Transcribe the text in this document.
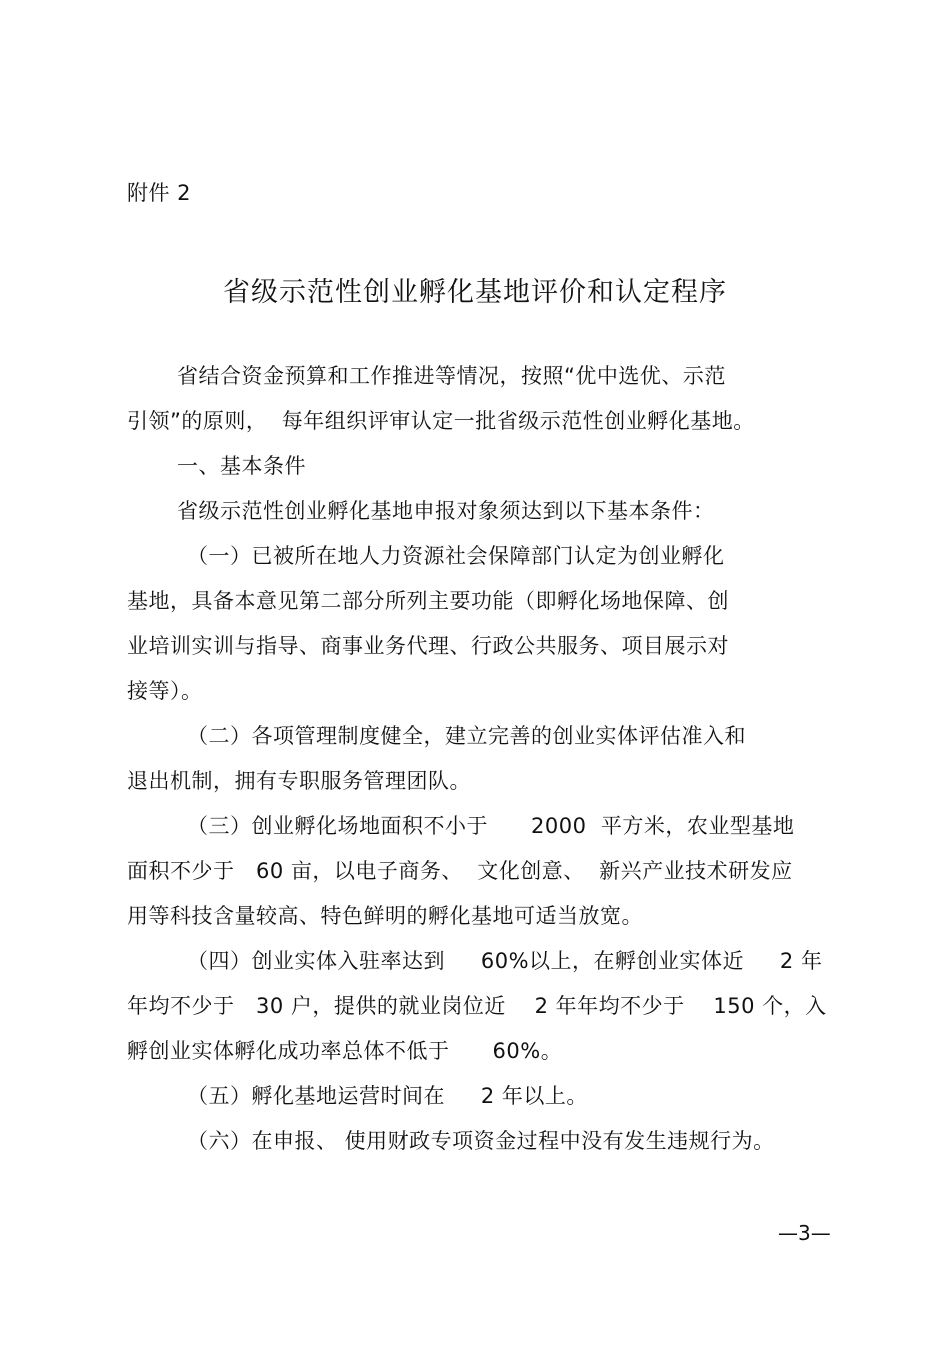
附件 2
省级示范性创业孵化基地评价和认定程序
省结合资金预算和工作推进等情况，按照“优中选优、示范
引领”的原则，  每年组织评审认定一批省级示范性创业孵化基地。
一、基本条件
省级示范性创业孵化基地申报对象须达到以下基本条件：
（一）已被所在地人力资源社会保障部门认定为创业孵化
基地，具备本意见第二部分所列主要功能（即孵化场地保障、创
业培训实训与指导、商事业务代理、行政公共服务、项目展示对
接等）。
（二）各项管理制度健全，建立完善的创业实体评估准入和
退出机制，拥有专职服务管理团队。
（三）创业孵化场地面积不小于      2000  平方米，农业型基地
面积不少于   60 亩，以电子商务、  文化创意、  新兴产业技术研发应
用等科技含量较高、特色鲜明的孵化基地可适当放宽。
（四）创业实体入驻率达到     60%以上，在孵创业实体近     2 年
年均不少于   30 户，提供的就业岗位近    2 年年均不少于    150 个，入
孵创业实体孵化成功率总体不低于      60%。
（五）孵化基地运营时间在     2 年以上。
（六）在申报、 使用财政专项资金过程中没有发生违规行为。
—3—
